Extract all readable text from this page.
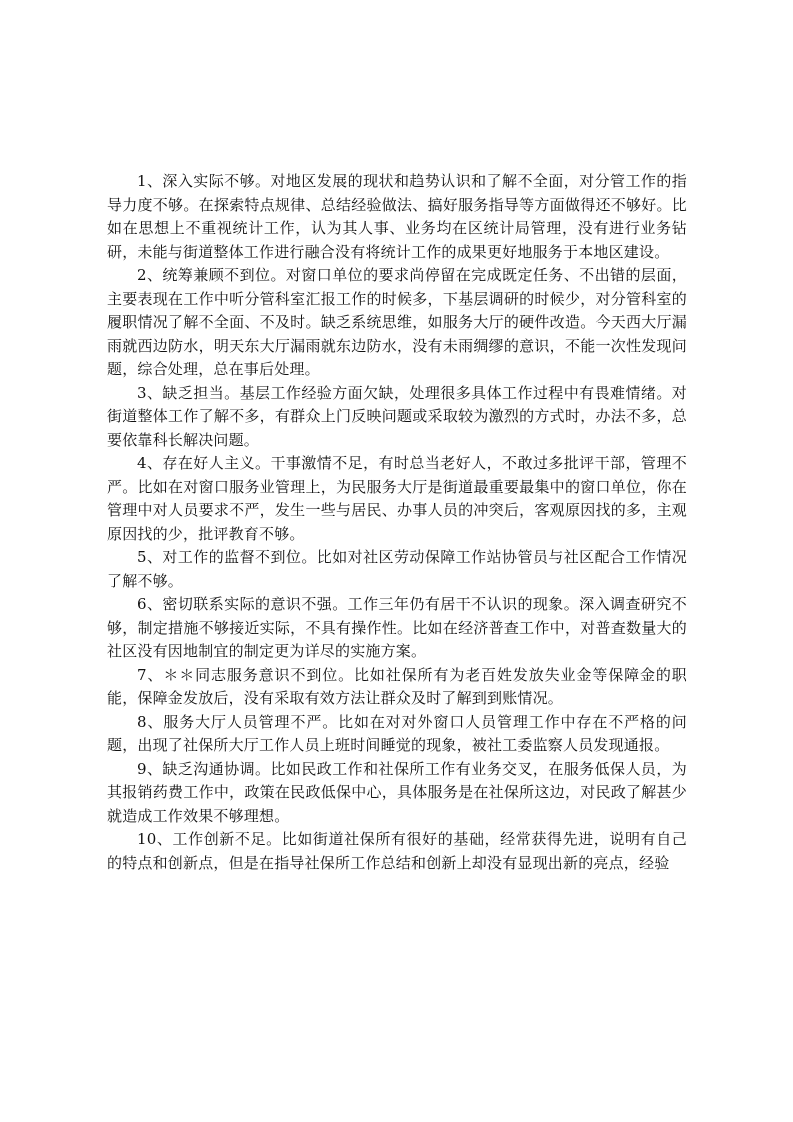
1、深入实际不够。对地区发展的现状和趋势认识和了解不全面，对分管工作的指导力度不够。在探索特点规律、总结经验做法、搞好服务指导等方面做得还不够好。比如在思想上不重视统计工作，认为其人事、业务均在区统计局管理，没有进行业务钻研，未能与街道整体工作进行融合没有将统计工作的成果更好地服务于本地区建设。

2、统筹兼顾不到位。对窗口单位的要求尚停留在完成既定任务、不出错的层面，主要表现在工作中听分管科室汇报工作的时候多，下基层调研的时候少，对分管科室的履职情况了解不全面、不及时。缺乏系统思维，如服务大厅的硬件改造。今天西大厅漏雨就西边防水，明天东大厅漏雨就东边防水，没有未雨绸缪的意识，不能一次性发现问题，综合处理，总在事后处理。

3、缺乏担当。基层工作经验方面欠缺，处理很多具体工作过程中有畏难情绪。对街道整体工作了解不多，有群众上门反映问题或采取较为激烈的方式时，办法不多，总要依靠科长解决问题。

4、存在好人主义。干事激情不足，有时总当老好人，不敢过多批评干部，管理不严。比如在对窗口服务业管理上，为民服务大厅是街道最重要最集中的窗口单位，你在管理中对人员要求不严，发生一些与居民、办事人员的冲突后，客观原因找的多，主观原因找的少，批评教育不够。

5、对工作的监督不到位。比如对社区劳动保障工作站协管员与社区配合工作情况了解不够。

6、密切联系实际的意识不强。工作三年仍有居干不认识的现象。深入调查研究不够，制定措施不够接近实际，不具有操作性。比如在经济普查工作中，对普查数量大的社区没有因地制宜的制定更为详尽的实施方案。

7、＊＊同志服务意识不到位。比如社保所有为老百姓发放失业金等保障金的职能，保障金发放后，没有采取有效方法让群众及时了解到到账情况。

8、服务大厅人员管理不严。比如在对对外窗口人员管理工作中存在不严格的问题，出现了社保所大厅工作人员上班时间睡觉的现象，被社工委监察人员发现通报。

9、缺乏沟通协调。比如民政工作和社保所工作有业务交叉，在服务低保人员，为其报销药费工作中，政策在民政低保中心，具体服务是在社保所这边，对民政了解甚少就造成工作效果不够理想。

10、工作创新不足。比如街道社保所有很好的基础，经常获得先进，说明有自己的特点和创新点，但是在指导社保所工作总结和创新上却没有显现出新的亮点，经验
